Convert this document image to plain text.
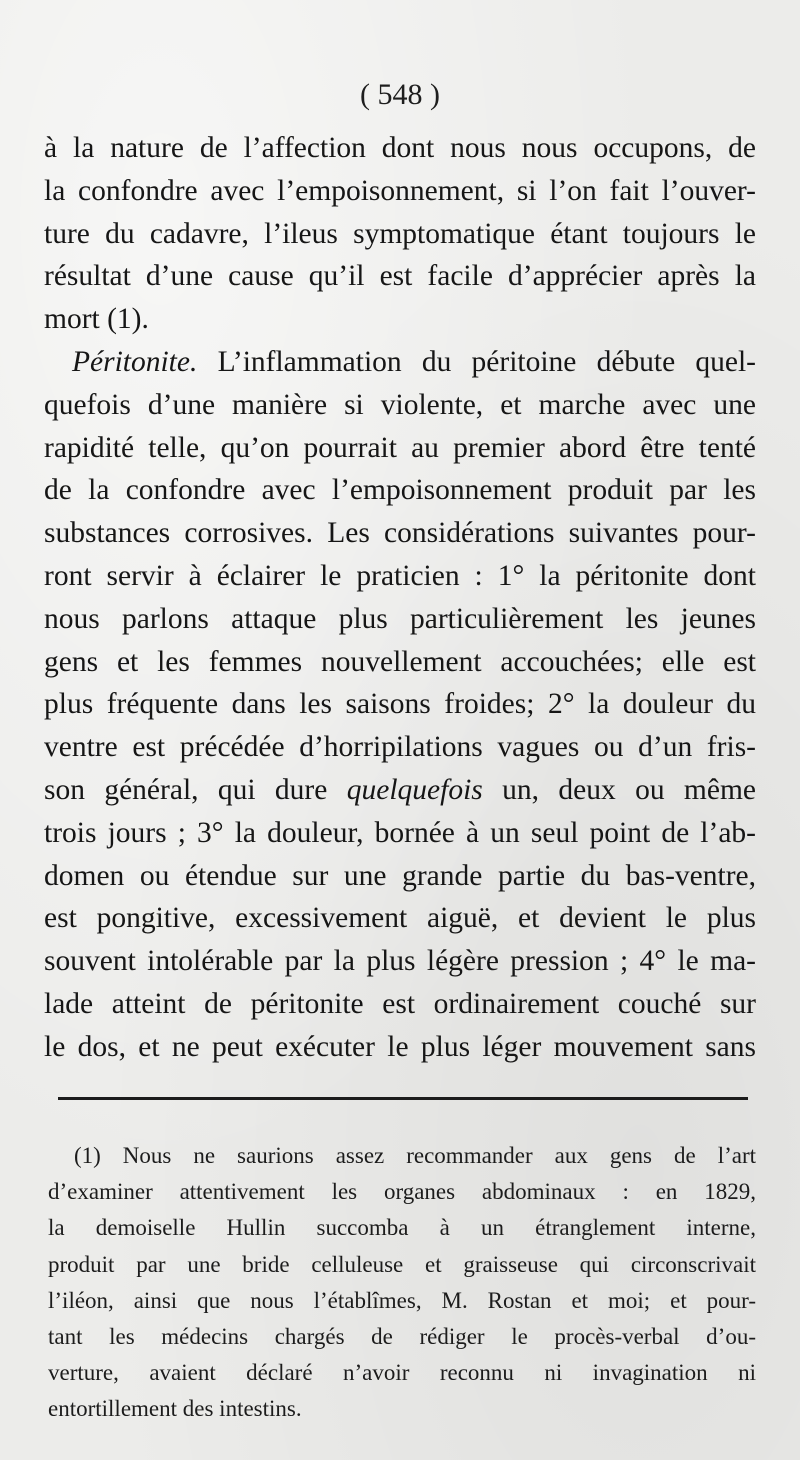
( 548 )
à la nature de l’affection dont nous nous occupons, de
la confondre avec l’empoisonnement, si l’on fait l’ouver-
ture du cadavre, l’ileus symptomatique étant toujours le
résultat d’une cause qu’il est facile d’apprécier après la
mort (1).
Péritonite. L’inflammation du péritoine débute quel-
quefois d’une manière si violente, et marche avec une
rapidité telle, qu’on pourrait au premier abord être tenté
de la confondre avec l’empoisonnement produit par les
substances corrosives. Les considérations suivantes pour-
ront servir à éclairer le praticien : 1° la péritonite dont
nous parlons attaque plus particulièrement les jeunes
gens et les femmes nouvellement accouchées; elle est
plus fréquente dans les saisons froides; 2° la douleur du
ventre est précédée d’horripilations vagues ou d’un fris-
son général, qui dure quelquefois un, deux ou même
trois jours ; 3° la douleur, bornée à un seul point de l’ab-
domen ou étendue sur une grande partie du bas-ventre,
est pongitive, excessivement aiguë, et devient le plus
souvent intolérable par la plus légère pression ; 4° le ma-
lade atteint de péritonite est ordinairement couché sur
le dos, et ne peut exécuter le plus léger mouvement sans
(1) Nous ne saurions assez recommander aux gens de l’art
d’examiner attentivement les organes abdominaux : en 1829,
la demoiselle Hullin succomba à un étranglement interne,
produit par une bride celluleuse et graisseuse qui circonscrivait
l’iléon, ainsi que nous l’établîmes, M. Rostan et moi; et pour-
tant les médecins chargés de rédiger le procès-verbal d’ou-
verture, avaient déclaré n’avoir reconnu ni invagination ni
entortillement des intestins.
